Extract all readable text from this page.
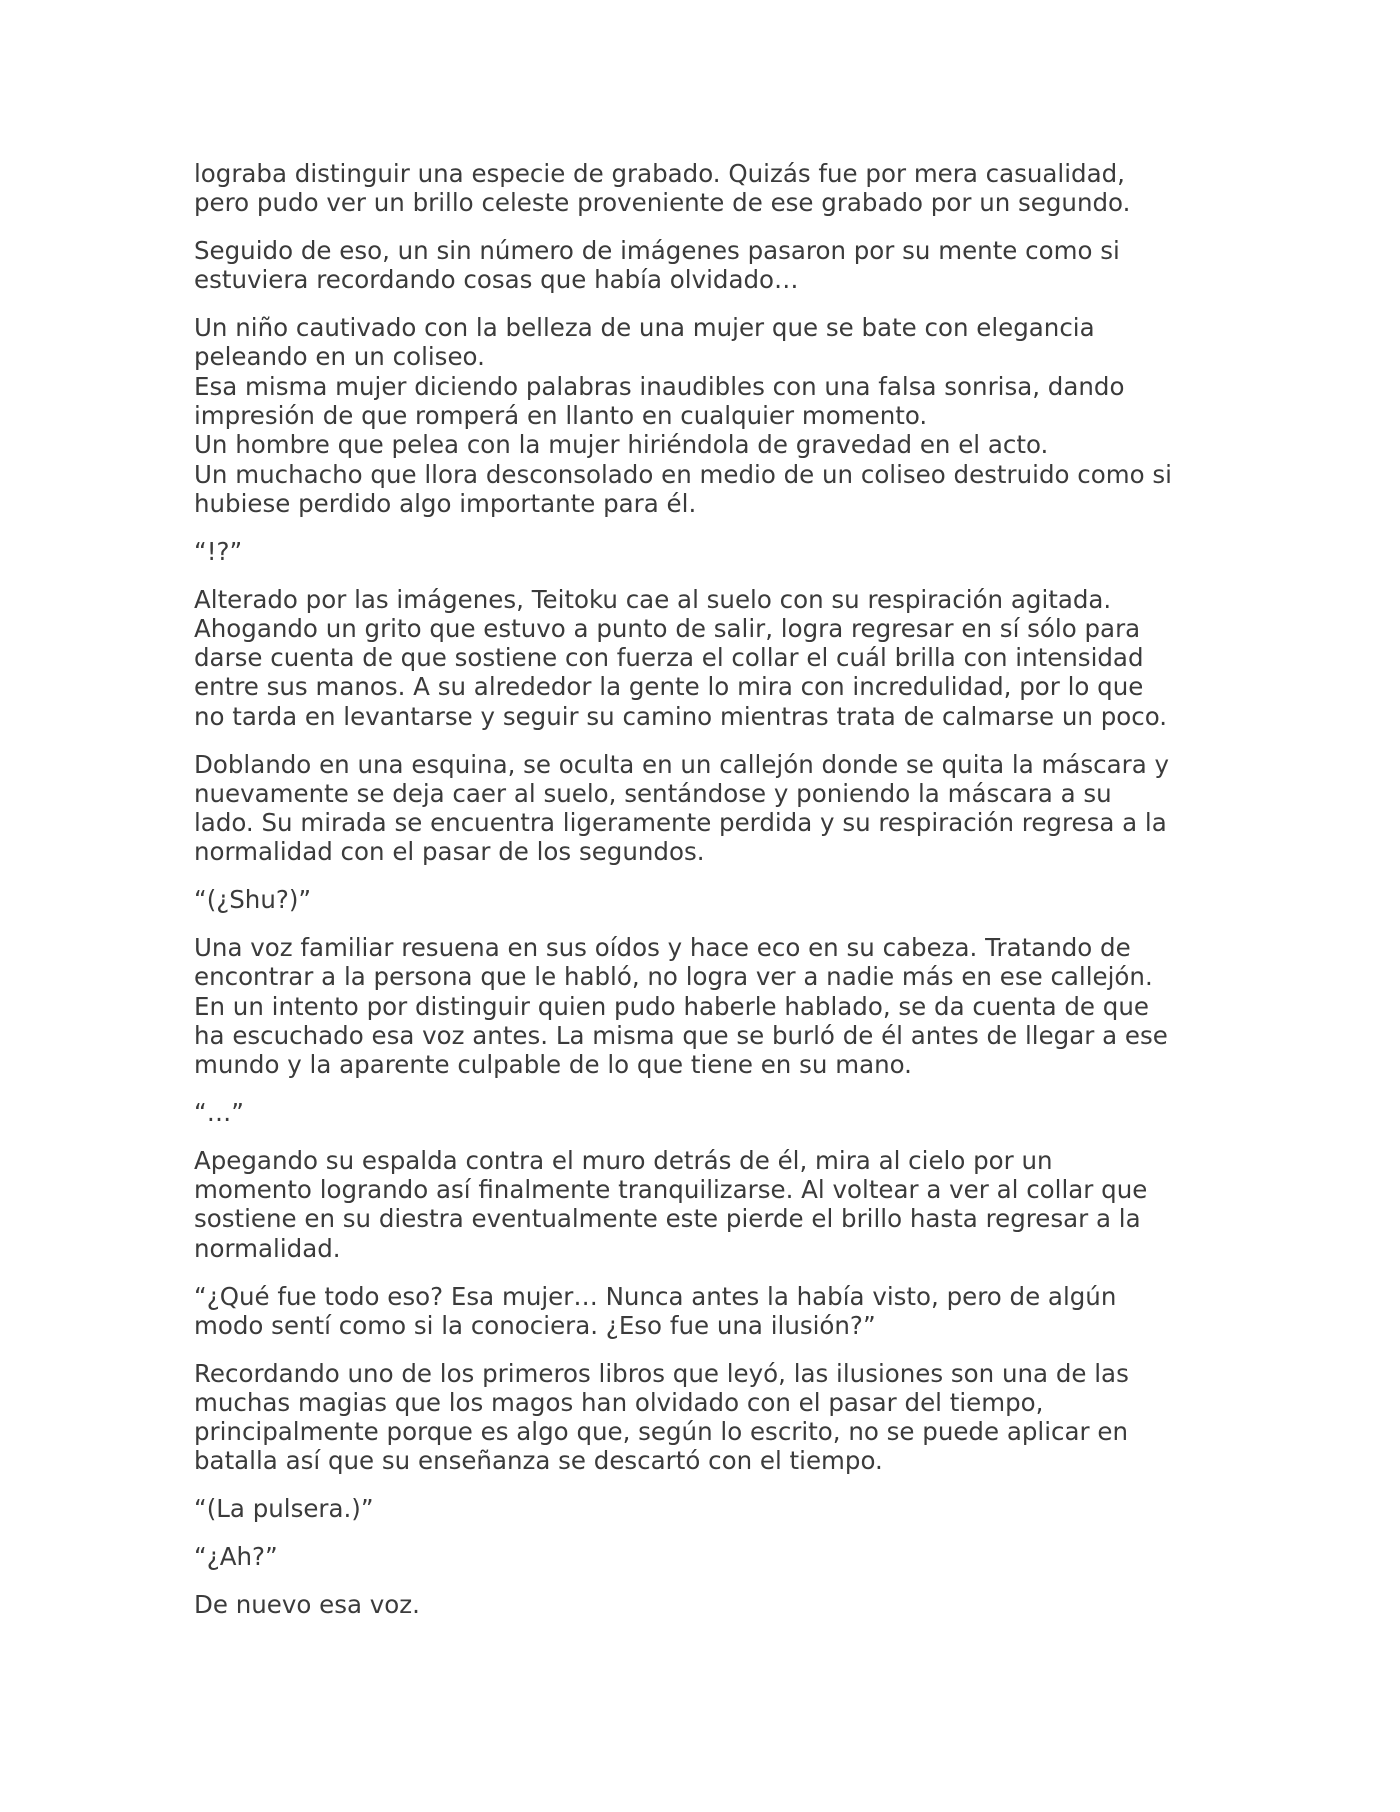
lograba distinguir una especie de grabado. Quizás fue por mera casualidad,
pero pudo ver un brillo celeste proveniente de ese grabado por un segundo.

Seguido de eso, un sin número de imágenes pasaron por su mente como si
estuviera recordando cosas que había olvidado…

Un niño cautivado con la belleza de una mujer que se bate con elegancia
peleando en un coliseo.
Esa misma mujer diciendo palabras inaudibles con una falsa sonrisa, dando
impresión de que romperá en llanto en cualquier momento.
Un hombre que pelea con la mujer hiriéndola de gravedad en el acto.
Un muchacho que llora desconsolado en medio de un coliseo destruido como si
hubiese perdido algo importante para él.

“!?”

Alterado por las imágenes, Teitoku cae al suelo con su respiración agitada.
Ahogando un grito que estuvo a punto de salir, logra regresar en sí sólo para
darse cuenta de que sostiene con fuerza el collar el cuál brilla con intensidad
entre sus manos. A su alrededor la gente lo mira con incredulidad, por lo que
no tarda en levantarse y seguir su camino mientras trata de calmarse un poco.

Doblando en una esquina, se oculta en un callejón donde se quita la máscara y
nuevamente se deja caer al suelo, sentándose y poniendo la máscara a su
lado. Su mirada se encuentra ligeramente perdida y su respiración regresa a la
normalidad con el pasar de los segundos.

“(¿Shu?)”

Una voz familiar resuena en sus oídos y hace eco en su cabeza. Tratando de
encontrar a la persona que le habló, no logra ver a nadie más en ese callejón.
En un intento por distinguir quien pudo haberle hablado, se da cuenta de que
ha escuchado esa voz antes. La misma que se burló de él antes de llegar a ese
mundo y la aparente culpable de lo que tiene en su mano.

“…”

Apegando su espalda contra el muro detrás de él, mira al cielo por un
momento logrando así finalmente tranquilizarse. Al voltear a ver al collar que
sostiene en su diestra eventualmente este pierde el brillo hasta regresar a la
normalidad.

“¿Qué fue todo eso? Esa mujer… Nunca antes la había visto, pero de algún
modo sentí como si la conociera. ¿Eso fue una ilusión?”

Recordando uno de los primeros libros que leyó, las ilusiones son una de las
muchas magias que los magos han olvidado con el pasar del tiempo,
principalmente porque es algo que, según lo escrito, no se puede aplicar en
batalla así que su enseñanza se descartó con el tiempo.

“(La pulsera.)”

“¿Ah?”

De nuevo esa voz.
